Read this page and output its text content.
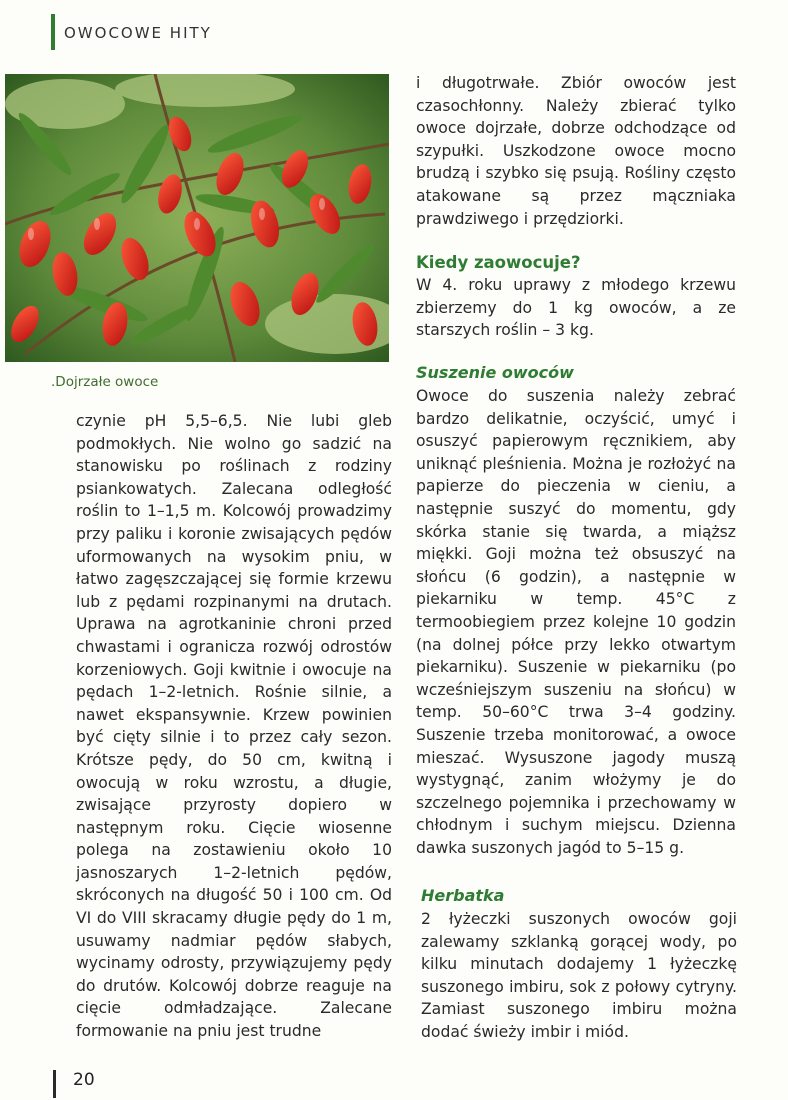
OWOCOWE HITY
.Dojrzałe owoce

czynie pH 5,5–6,5. Nie lubi gleb podmokłych. Nie wolno go sadzić na stanowisku po roślinach z rodziny psiankowatych. Zalecana odległość roślin to 1–1,5 m. Kolcowój prowadzimy przy paliku i koronie zwisających pędów uformowanych na wysokim pniu, w łatwo zagęszczającej się formie krzewu lub z pędami rozpinanymi na drutach. Uprawa na agrotkaninie chroni przed chwastami i ogranicza rozwój odrostów korzeniowych. Goji kwitnie i owocuje na pędach 1–2-letnich. Rośnie silnie, a nawet ekspansywnie. Krzew powinien być cięty silnie i to przez cały sezon. Krótsze pędy, do 50 cm, kwitną i owocują w roku wzrostu, a długie, zwisające przyrosty dopiero w następnym roku. Cięcie wiosenne polega na zostawieniu około 10 jasnoszarych 1–2-letnich pędów, skróconych na długość 50 i 100 cm. Od VI do VIII skracamy długie pędy do 1 m, usuwamy nadmiar pędów słabych, wycinamy odrosty, przywiązujemy pędy do drutów. Kolcowój dobrze reaguje na cięcie odmładzające. Zalecane formowanie na pniu jest trudne

i długotrwałe. Zbiór owoców jest czasochłonny. Należy zbierać tylko owoce dojrzałe, dobrze odchodzące od szypułki. Uszkodzone owoce mocno brudzą i szybko się psują. Rośliny często atakowane są przez mączniaka prawdziwego i przędziorki.

Kiedy zaowocuje?

W 4. roku uprawy z młodego krzewu zbierzemy do 1 kg owoców, a ze starszych roślin – 3 kg.

Suszenie owoców

Owoce do suszenia należy zebrać bardzo delikatnie, oczyścić, umyć i osuszyć papierowym ręcznikiem, aby uniknąć pleśnienia. Można je rozłożyć na papierze do pieczenia w cieniu, a następnie suszyć do momentu, gdy skórka stanie się twarda, a miąższ miękki. Goji można też obsuszyć na słońcu (6 godzin), a następnie w piekarniku w temp. 45°C z termoobiegiem przez kolejne 10 godzin (na dolnej półce przy lekko otwartym piekarniku). Suszenie w piekarniku (po wcześniejszym suszeniu na słońcu) w temp. 50–60°C trwa 3–4 godziny. Suszenie trzeba monitorować, a owoce mieszać. Wysuszone jagody muszą wystygnąć, zanim włożymy je do szczelnego pojemnika i przechowamy w chłodnym i suchym miejscu. Dzienna dawka suszonych jagód to 5–15 g.

Herbatka

2 łyżeczki suszonych owoców goji zalewamy szklanką gorącej wody, po kilku minutach dodajemy 1 łyżeczkę suszonego imbiru, sok z połowy cytryny. Zamiast suszonego imbiru można dodać świeży imbir i miód.

20
